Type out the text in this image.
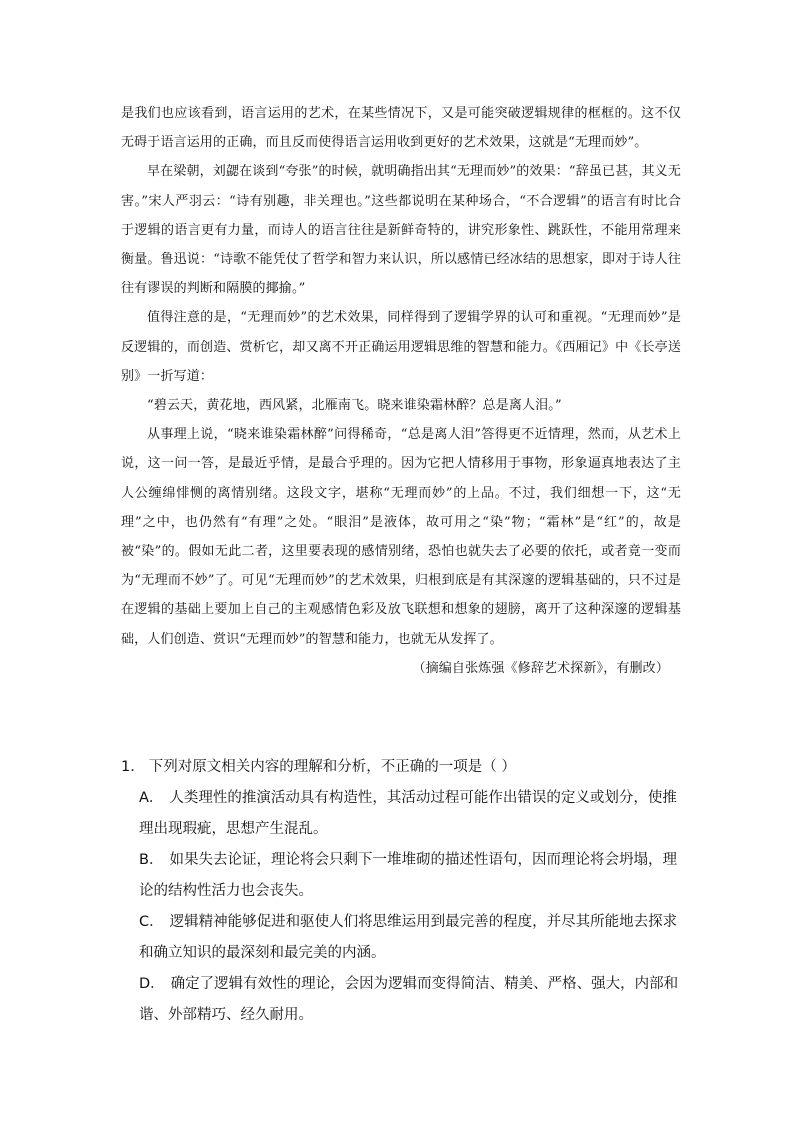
是我们也应该看到，语言运用的艺术，在某些情况下，又是可能突破逻辑规律的框框的。这不仅无碍于语言运用的正确，而且反而使得语言运用收到更好的艺术效果，这就是“无理而妙”。

早在梁朝，刘勰在谈到“夸张”的时候，就明确指出其“无理而妙”的效果：“辞虽已甚，其义无害。”宋人严羽云：“诗有别趣，非关理也。”这些都说明在某种场合，“不合逻辑”的语言有时比合于逻辑的语言更有力量，而诗人的语言往往是新鲜奇特的，讲究形象性、跳跃性，不能用常理来衡量。鲁迅说：“诗歌不能凭仗了哲学和智力来认识，所以感情已经冰结的思想家，即对于诗人往往有谬误的判断和隔膜的揶揄。”

值得注意的是，“无理而妙”的艺术效果，同样得到了逻辑学界的认可和重视。“无理而妙”是反逻辑的，而创造、赏析它，却又离不开正确运用逻辑思维的智慧和能力。《西厢记》中《长亭送别》一折写道：

“碧云天，黄花地，西风紧，北雁南飞。晓来谁染霜林醉？总是离人泪。”

从事理上说，“晓来谁染霜林醉”问得稀奇，“总是离人泪”答得更不近情理，然而，从艺术上说，这一问一答，是最近乎情，是最合乎理的。因为它把人情移用于事物，形象逼真地表达了主人公缠绵悱恻的离情别绪。这段文字，堪称“无理而妙”的上品。不过，我们细想一下，这“无理”之中，也仍然有“有理”之处。“眼泪”是液体，故可用之“染”物；“霜林”是“红”的，故是被“染”的。假如无此二者，这里要表现的感情别绪，恐怕也就失去了必要的依托，或者竟一变而为“无理而不妙”了。可见“无理而妙”的艺术效果，归根到底是有其深邃的逻辑基础的，只不过是在逻辑的基础上要加上自己的主观感情色彩及放飞联想和想象的翅膀，离开了这种深邃的逻辑基础，人们创造、赏识“无理而妙”的智慧和能力，也就无从发挥了。

（摘编自张炼强《修辞艺术探新》，有删改）

1． 下列对原文相关内容的理解和分析，不正确的一项是（ ）

A． 人类理性的推演活动具有构造性，其活动过程可能作出错误的定义或划分，使推理出现瑕疵，思想产生混乱。

B． 如果失去论证，理论将会只剩下一堆堆砌的描述性语句，因而理论将会坍塌，理论的结构性活力也会丧失。

C． 逻辑精神能够促进和驱使人们将思维运用到最完善的程度，并尽其所能地去探求和确立知识的最深刻和最完美的内涵。

D． 确定了逻辑有效性的理论，会因为逻辑而变得简洁、精美、严格、强大，内部和谐、外部精巧、经久耐用。
